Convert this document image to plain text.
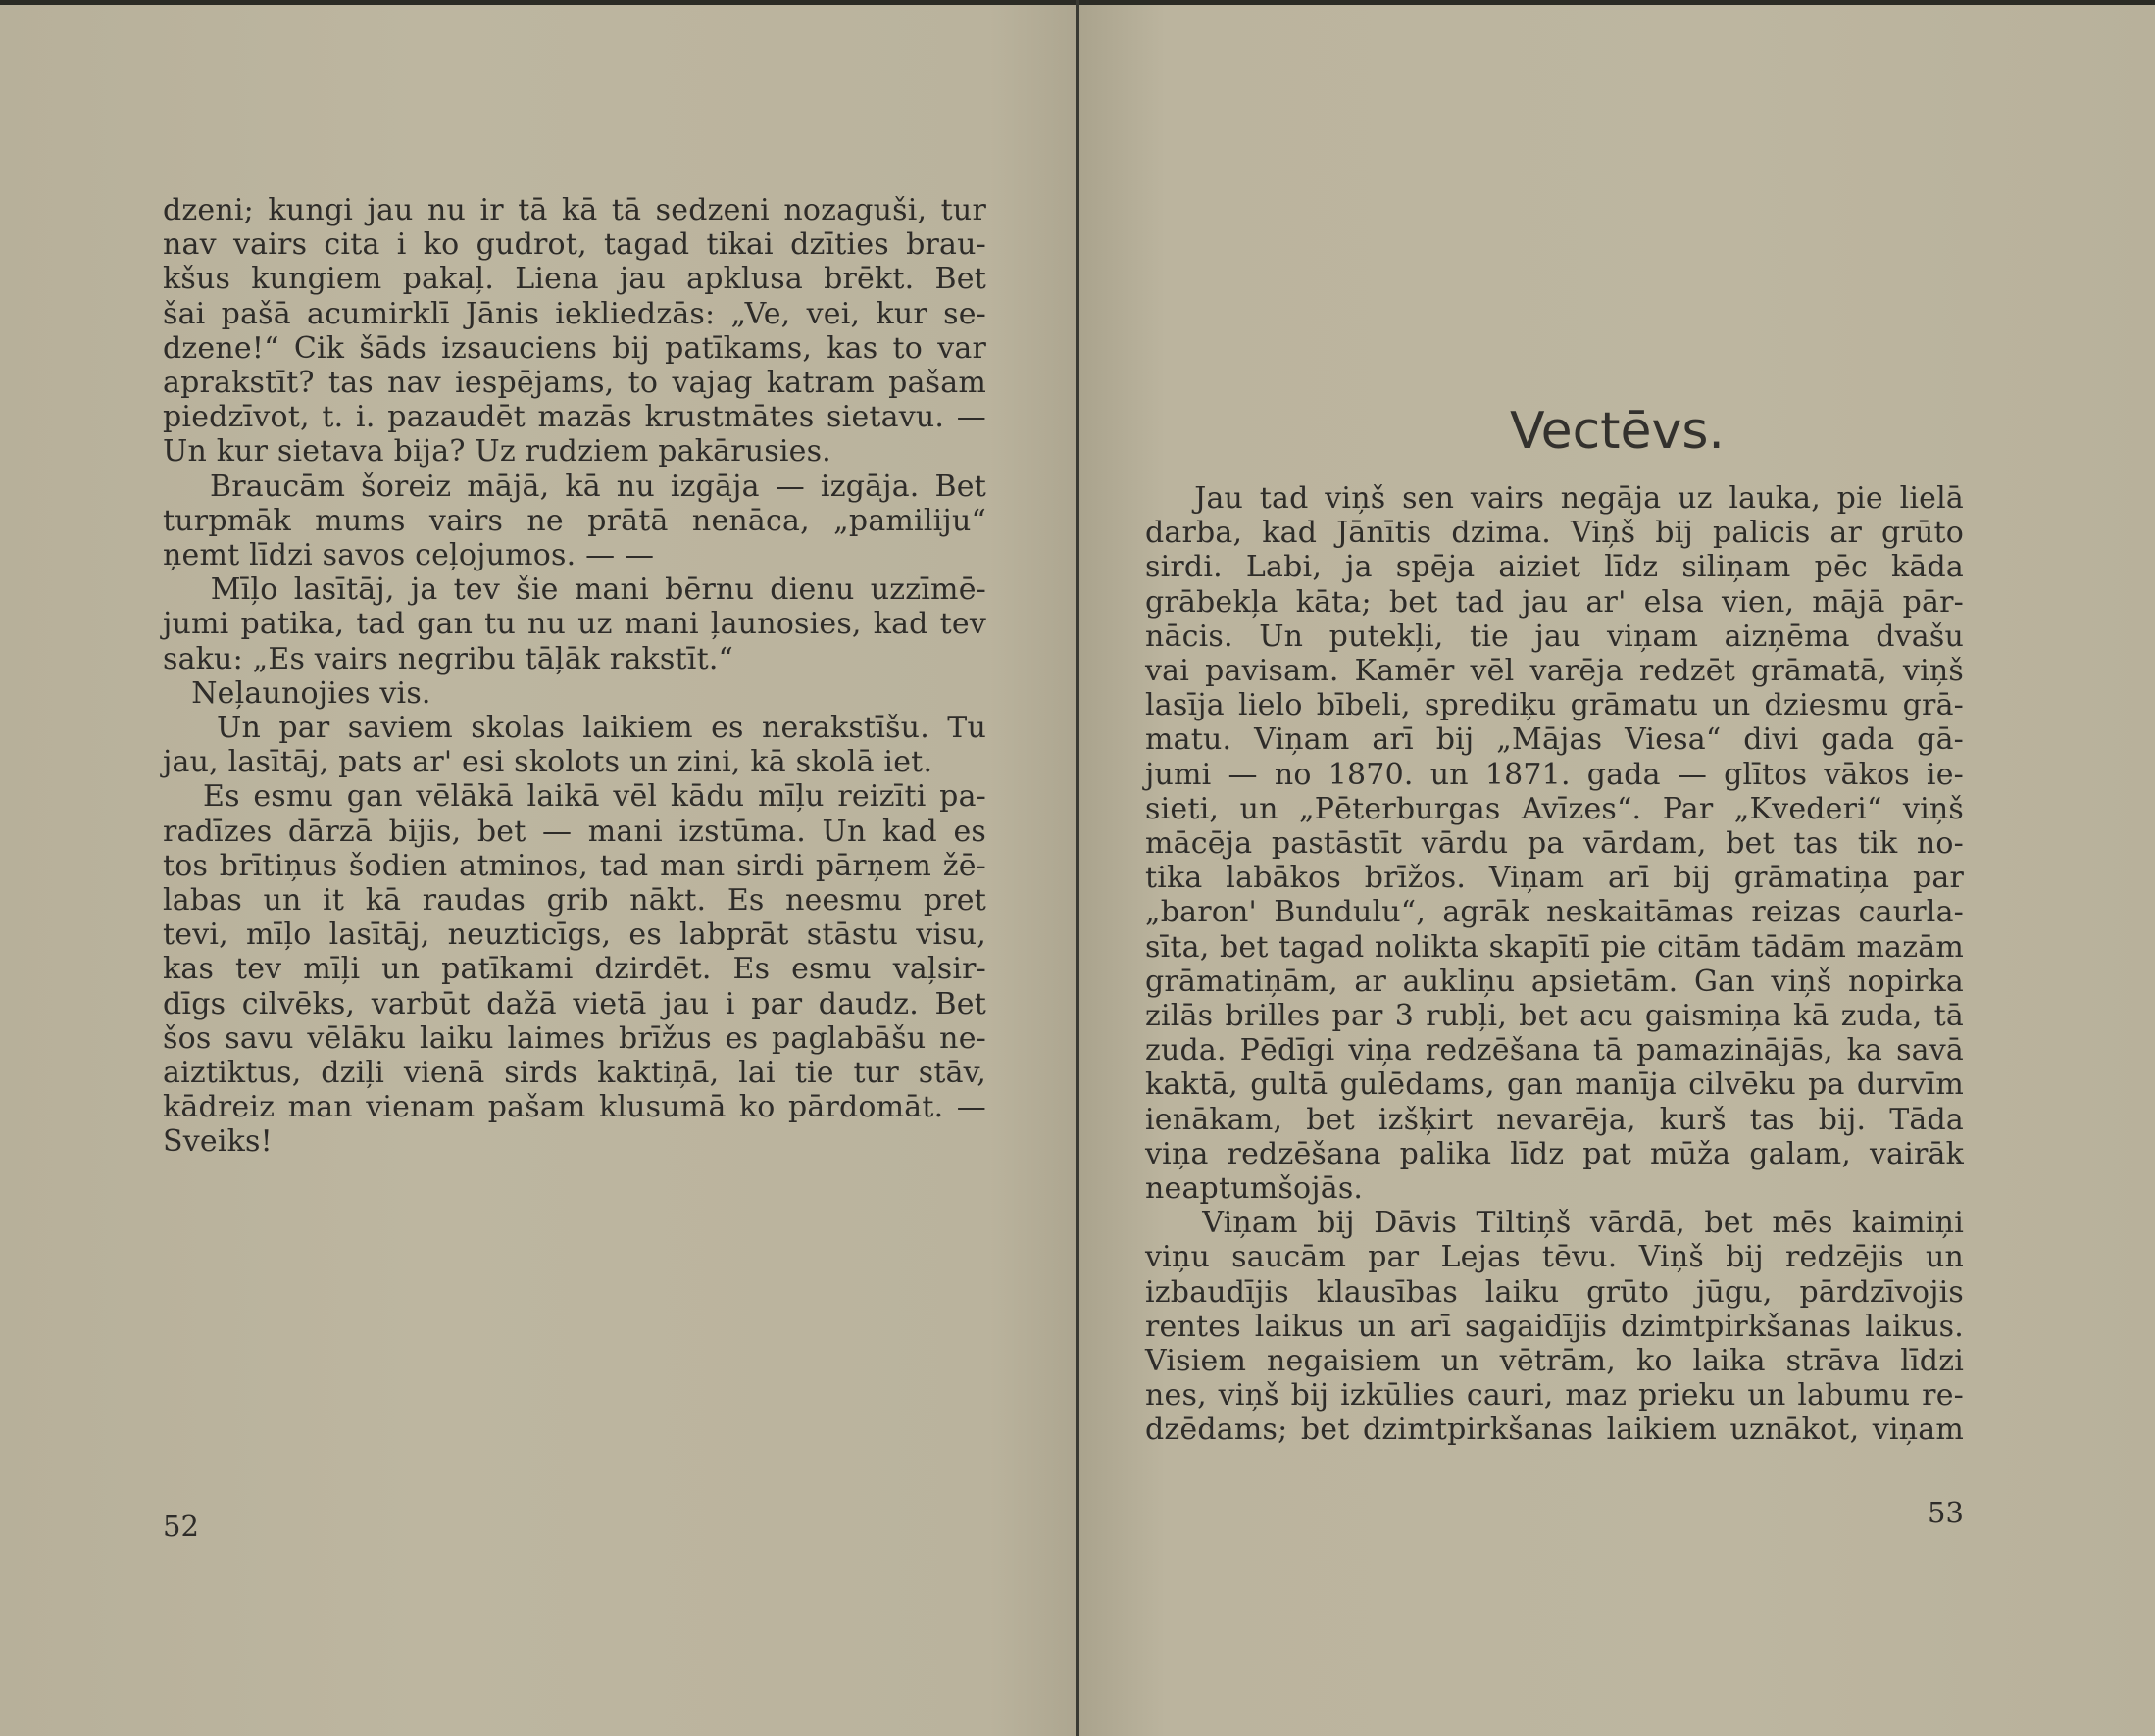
dzeni; kungi jau nu ir tā kā tā sedzeni nozaguši, tur
nav vairs cita i ko gudrot, tagad tikai dzīties brau-
kšus kungiem pakaļ. Liena jau apklusa brēkt. Bet
šai pašā acumirklī Jānis iekliedzās: „Ve, vei, kur se-
dzene!“ Cik šāds izsauciens bij patīkams, kas to var
aprakstīt? tas nav iespējams, to vajag katram pašam
piedzīvot, t. i. pazaudēt mazās krustmātes sietavu. —
Un kur sietava bija? Uz rudziem pakārusies.
Braucām šoreiz mājā, kā nu izgāja — izgāja. Bet
turpmāk mums vairs ne prātā nenāca, „pamiliju“
ņemt līdzi savos ceļojumos. — —
Mīļo lasītāj, ja tev šie mani bērnu dienu uzzīmē-
jumi patika, tad gan tu nu uz mani ļaunosies, kad tev
saku: „Es vairs negribu tāļāk rakstīt.“
Neļaunojies vis.
Un par saviem skolas laikiem es nerakstīšu. Tu
jau, lasītāj, pats ar' esi skolots un zini, kā skolā iet.
Es esmu gan vēlākā laikā vēl kādu mīļu reizīti pa-
radīzes dārzā bijis, bet — mani izstūma. Un kad es
tos brītiņus šodien atminos, tad man sirdi pārņem žē-
labas un it kā raudas grib nākt. Es neesmu pret
tevi, mīļo lasītāj, neuzticīgs, es labprāt stāstu visu,
kas tev mīļi un patīkami dzirdēt. Es esmu vaļsir-
dīgs cilvēks, varbūt dažā vietā jau i par daudz. Bet
šos savu vēlāku laiku laimes brīžus es paglabāšu ne-
aiztiktus, dziļi vienā sirds kaktiņā, lai tie tur stāv,
kādreiz man vienam pašam klusumā ko pārdomāt. —
Sveiks!
Vectēvs.
Jau tad viņš sen vairs negāja uz lauka, pie lielā
darba, kad Jānītis dzima. Viņš bij palicis ar grūto
sirdi. Labi, ja spēja aiziet līdz siliņam pēc kāda
grābekļa kāta; bet tad jau ar' elsa vien, mājā pār-
nācis. Un putekļi, tie jau viņam aizņēma dvašu
vai pavisam. Kamēr vēl varēja redzēt grāmatā, viņš
lasīja lielo bībeli, sprediķu grāmatu un dziesmu grā-
matu. Viņam arī bij „Mājas Viesa“ divi gada gā-
jumi — no 1870. un 1871. gada — glītos vākos ie-
sieti, un „Pēterburgas Avīzes“. Par „Kvederi“ viņš
mācēja pastāstīt vārdu pa vārdam, bet tas tik no-
tika labākos brīžos. Viņam arī bij grāmatiņa par
„baron' Bundulu“, agrāk neskaitāmas reizas caurla-
sīta, bet tagad nolikta skapītī pie citām tādām mazām
grāmatiņām, ar aukliņu apsietām. Gan viņš nopirka
zilās brilles par 3 rubļi, bet acu gaismiņa kā zuda, tā
zuda. Pēdīgi viņa redzēšana tā pamazinājās, ka savā
kaktā, gultā gulēdams, gan manīja cilvēku pa durvīm
ienākam, bet izšķirt nevarēja, kurš tas bij. Tāda
viņa redzēšana palika līdz pat mūža galam, vairāk
neaptumšojās.
Viņam bij Dāvis Tiltiņš vārdā, bet mēs kaimiņi
viņu saucām par Lejas tēvu. Viņš bij redzējis un
izbaudījis klausības laiku grūto jūgu, pārdzīvojis
rentes laikus un arī sagaidījis dzimtpirkšanas laikus.
Visiem negaisiem un vētrām, ko laika strāva līdzi
nes, viņš bij izkūlies cauri, maz prieku un labumu re-
dzēdams; bet dzimtpirkšanas laikiem uznākot, viņam
52	53
